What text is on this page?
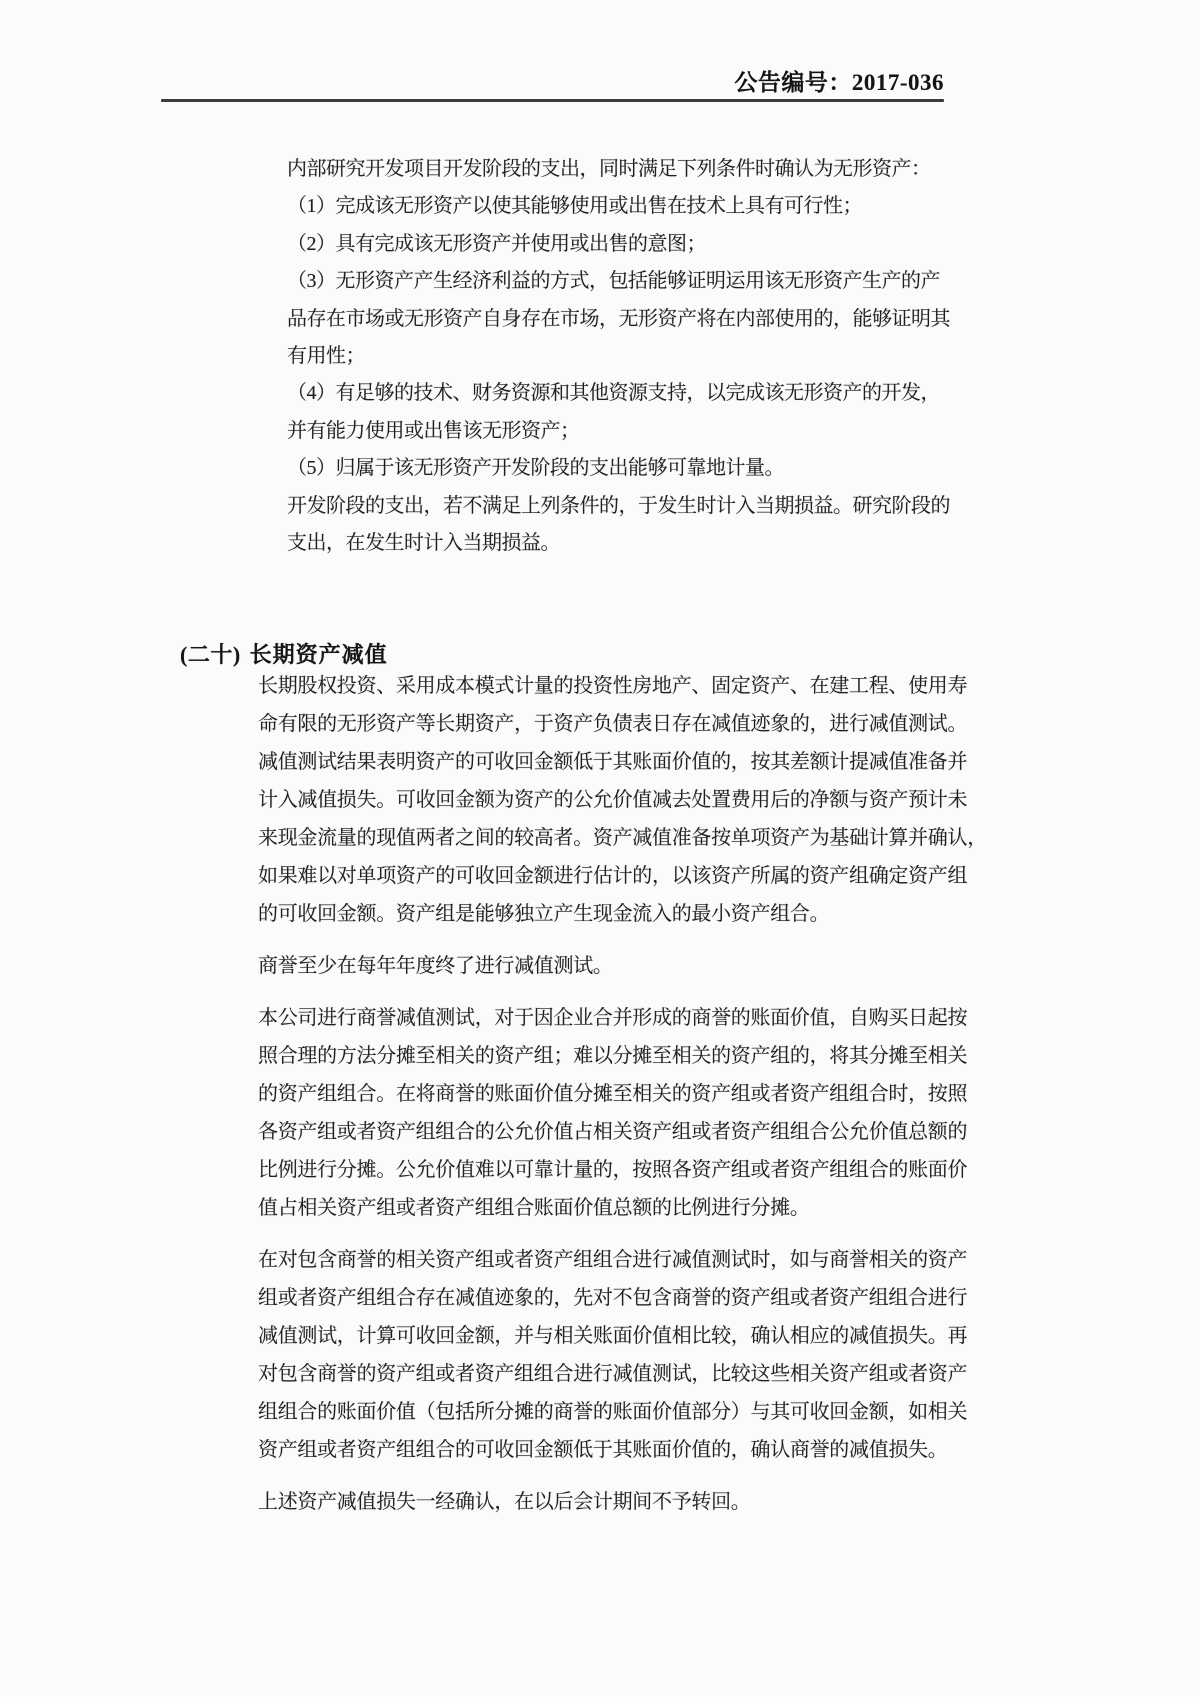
公告编号：2017-036
内部研究开发项目开发阶段的支出，同时满足下列条件时确认为无形资产：
（1）完成该无形资产以使其能够使用或出售在技术上具有可行性；
（2）具有完成该无形资产并使用或出售的意图；
（3）无形资产产生经济利益的方式，包括能够证明运用该无形资产生产的产
品存在市场或无形资产自身存在市场，无形资产将在内部使用的，能够证明其
有用性；
（4）有足够的技术、财务资源和其他资源支持，以完成该无形资产的开发，
并有能力使用或出售该无形资产；
（5）归属于该无形资产开发阶段的支出能够可靠地计量。
开发阶段的支出，若不满足上列条件的，于发生时计入当期损益。研究阶段的
支出，在发生时计入当期损益。
(二十) 长期资产减值
长期股权投资、采用成本模式计量的投资性房地产、固定资产、在建工程、使用寿
命有限的无形资产等长期资产，于资产负债表日存在减值迹象的，进行减值测试。
减值测试结果表明资产的可收回金额低于其账面价值的，按其差额计提减值准备并
计入减值损失。可收回金额为资产的公允价值减去处置费用后的净额与资产预计未
来现金流量的现值两者之间的较高者。资产减值准备按单项资产为基础计算并确认，
如果难以对单项资产的可收回金额进行估计的，以该资产所属的资产组确定资产组
的可收回金额。资产组是能够独立产生现金流入的最小资产组合。
商誉至少在每年年度终了进行减值测试。
本公司进行商誉减值测试，对于因企业合并形成的商誉的账面价值，自购买日起按
照合理的方法分摊至相关的资产组；难以分摊至相关的资产组的，将其分摊至相关
的资产组组合。在将商誉的账面价值分摊至相关的资产组或者资产组组合时，按照
各资产组或者资产组组合的公允价值占相关资产组或者资产组组合公允价值总额的
比例进行分摊。公允价值难以可靠计量的，按照各资产组或者资产组组合的账面价
值占相关资产组或者资产组组合账面价值总额的比例进行分摊。
在对包含商誉的相关资产组或者资产组组合进行减值测试时，如与商誉相关的资产
组或者资产组组合存在减值迹象的，先对不包含商誉的资产组或者资产组组合进行
减值测试，计算可收回金额，并与相关账面价值相比较，确认相应的减值损失。再
对包含商誉的资产组或者资产组组合进行减值测试，比较这些相关资产组或者资产
组组合的账面价值（包括所分摊的商誉的账面价值部分）与其可收回金额，如相关
资产组或者资产组组合的可收回金额低于其账面价值的，确认商誉的减值损失。
上述资产减值损失一经确认，在以后会计期间不予转回。
